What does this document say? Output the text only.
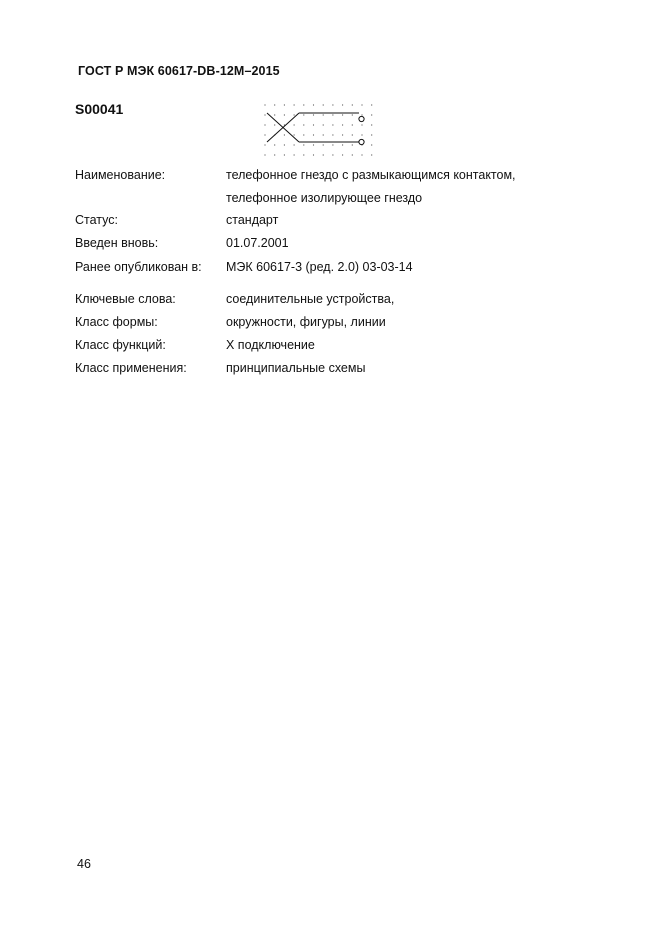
ГОСТ Р МЭК 60617-DB-12M–2015
S00041
Наименование:	телефонное гнездо с размыкающимся контактом,
телефонное изолирующее гнездо
Статус:	стандарт
Введен вновь:	01.07.2001
Ранее опубликован в: МЭК 60617-3 (ред. 2.0) 03-03-14
Ключевые слова:	соединительные устройства,
Класс формы:	окружности, фигуры, линии
Класс функций:	X подключение
Класс применения:	принципиальные схемы
46
